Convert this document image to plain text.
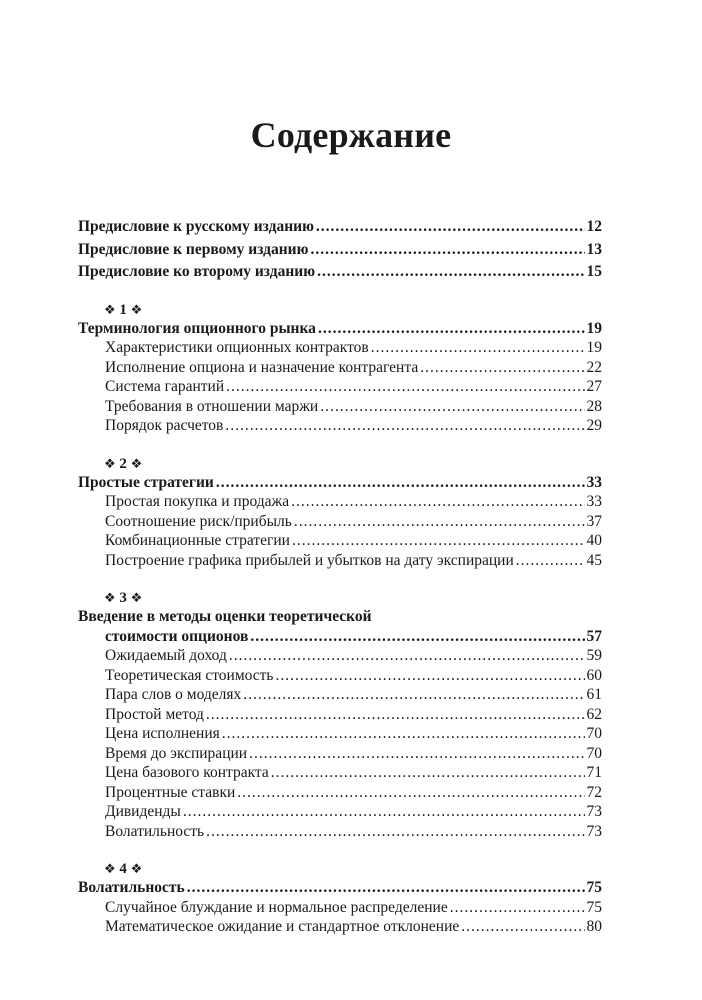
Содержание
Предисловие к русскому изданию .....	12
Предисловие к первому изданию .....	13
Предисловие ко второму изданию .....	15
❖ 1 ❖
Терминология опционного рынка .....	19
Характеристики опционных контрактов .....	19
Исполнение опциона и назначение контрагента .....	22
Система гарантий .....	27
Требования в отношении маржи .....	28
Порядок расчетов .....	29
❖ 2 ❖
Простые стратегии .....	33
Простая покупка и продажа .....	33
Соотношение риск/прибыль .....	37
Комбинационные стратегии .....	40
Построение графика прибылей и убытков на дату экспирации .....	45
❖ 3 ❖
Введение в методы оценки теоретической
стоимости опционов .....	57
Ожидаемый доход .....	59
Теоретическая стоимость .....	60
Пара слов о моделях .....	61
Простой метод .....	62
Цена исполнения .....	70
Время до экспирации .....	70
Цена базового контракта .....	71
Процентные ставки .....	72
Дивиденды .....	73
Волатильность .....	73
❖ 4 ❖
Волатильность .....	75
Случайное блуждание и нормальное распределение .....	75
Математическое ожидание и стандартное отклонение .....	80
